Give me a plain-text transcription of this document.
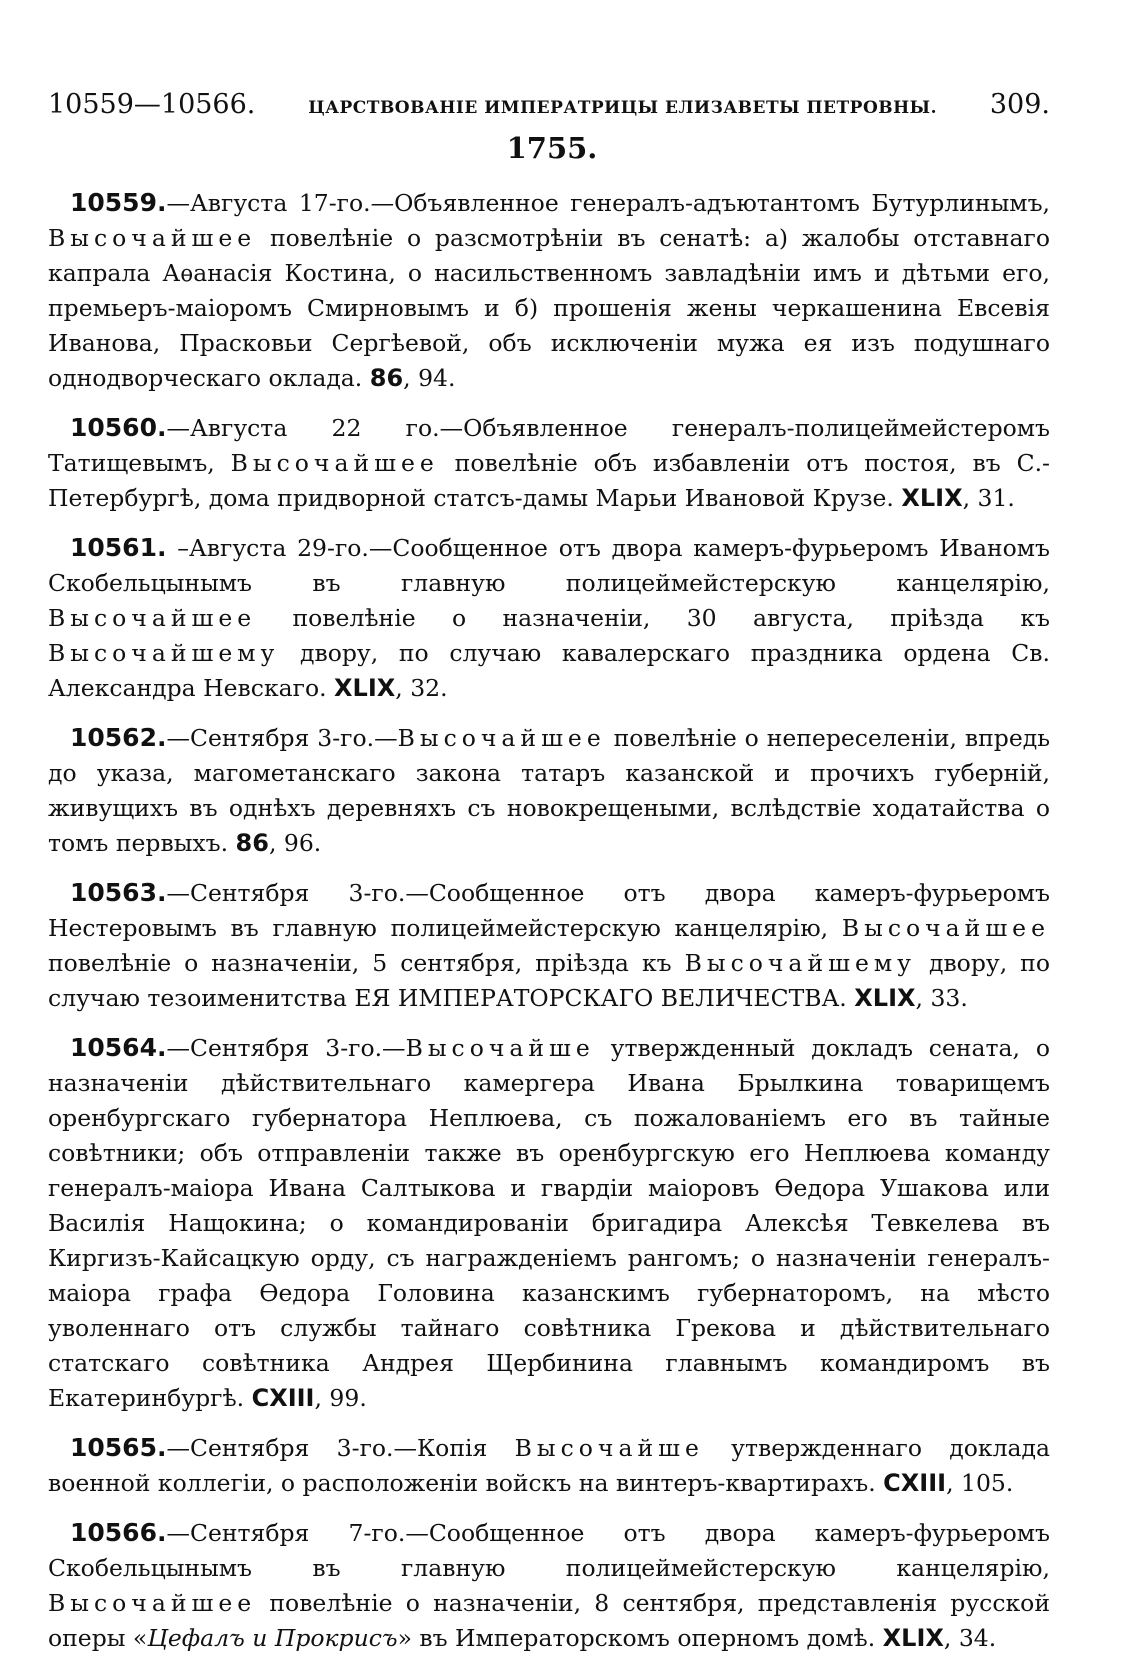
10559—10566.	ЦАРСТВОВАНІЕ ИМПЕРАТРИЦЫ ЕЛИЗАВЕТЫ ПЕТРОВНЫ. 309.
1755.

10559.—Августа 17-го.—Объявленное генералъ-адъютантомъ Бутурлинымъ, Высочайшее повелѣніе о разсмотрѣніи въ сенатѣ: а) жалобы отставнаго капрала Аѳанасія Костина, о насильственномъ завладѣніи имъ и дѣтьми его, премьеръ-маіоромъ Смирновымъ и б) прошенія жены черкашенина Евсевія Иванова, Прасковьи Сергѣевой, объ исключеніи мужа ея изъ подушнаго однодворческаго оклада. 86, 94.

10560.—Августа 22 го.—Объявленное генералъ-полицеймейстеромъ Татищевымъ, Высочайшее повелѣніе объ избавленіи отъ постоя, въ С.-Петербургѣ, дома придворной статсъ-дамы Марьи Ивановой Крузе. XLIX, 31.

10561. –Августа 29-го.—Сообщенное отъ двора камеръ-фурьеромъ Иваномъ Скобельцынымъ въ главную полицеймейстерскую канцелярію, Высочайшее повелѣніе о назначеніи, 30 августа, пріѣзда къ Высочайшему двору, по случаю кавалерскаго праздника ордена Св. Александра Невскаго. XLIX, 32.

10562.—Сентября 3-го.—Высочайшее повелѣніе о непереселеніи, впредь до указа, магометанскаго закона татаръ казанской и прочихъ губерній, живущихъ въ однѣхъ деревняхъ съ новокрещеными, вслѣдствіе ходатайства о томъ первыхъ. 86, 96.

10563.—Сентября 3-го.—Сообщенное отъ двора камеръ-фурьеромъ Нестеровымъ въ главную полицеймейстерскую канцелярію, Высочайшее повелѣніе о назначеніи, 5 сентября, пріѣзда къ Высочайшему двору, по случаю тезоименитства ЕЯ ИМПЕРАТОРСКАГО ВЕЛИЧЕСТВА. XLIX, 33.

10564.—Сентября 3-го.—Высочайше утвержденный докладъ сената, о назначеніи дѣйствительнаго камергера Ивана Брылкина товарищемъ оренбургскаго губернатора Неплюева, съ пожалованіемъ его въ тайные совѣтники; объ отправленіи также въ оренбургскую его Неплюева команду генералъ-маіора Ивана Салтыкова и гвардіи маіоровъ Ѳедора Ушакова или Василія Нащокина; о командированіи бригадира Алексѣя Тевкелева въ Киргизъ-Кайсацкую орду, съ награжденіемъ рангомъ; о назначеніи генералъ-маіора графа Ѳедора Головина казанскимъ губернаторомъ, на мѣсто уволеннаго отъ службы тайнаго совѣтника Грекова и дѣйствительнаго статскаго совѣтника Андрея Щербинина главнымъ командиромъ въ Екатеринбургѣ. CXIII, 99.

10565.—Сентября 3-го.—Копія Высочайше утвержденнаго доклада военной коллегіи, о расположеніи войскъ на винтеръ-квартирахъ. CXIII, 105.

10566.—Сентября 7-го.—Сообщенное отъ двора камеръ-фурьеромъ Скобельцынымъ въ главную полицеймейстерскую канцелярію, Высочайшее повелѣніе о назначеніи, 8 сентября, представленія русской оперы «Цефалъ и Прокрисъ» въ Императорскомъ оперномъ домѣ. XLIX, 34.
